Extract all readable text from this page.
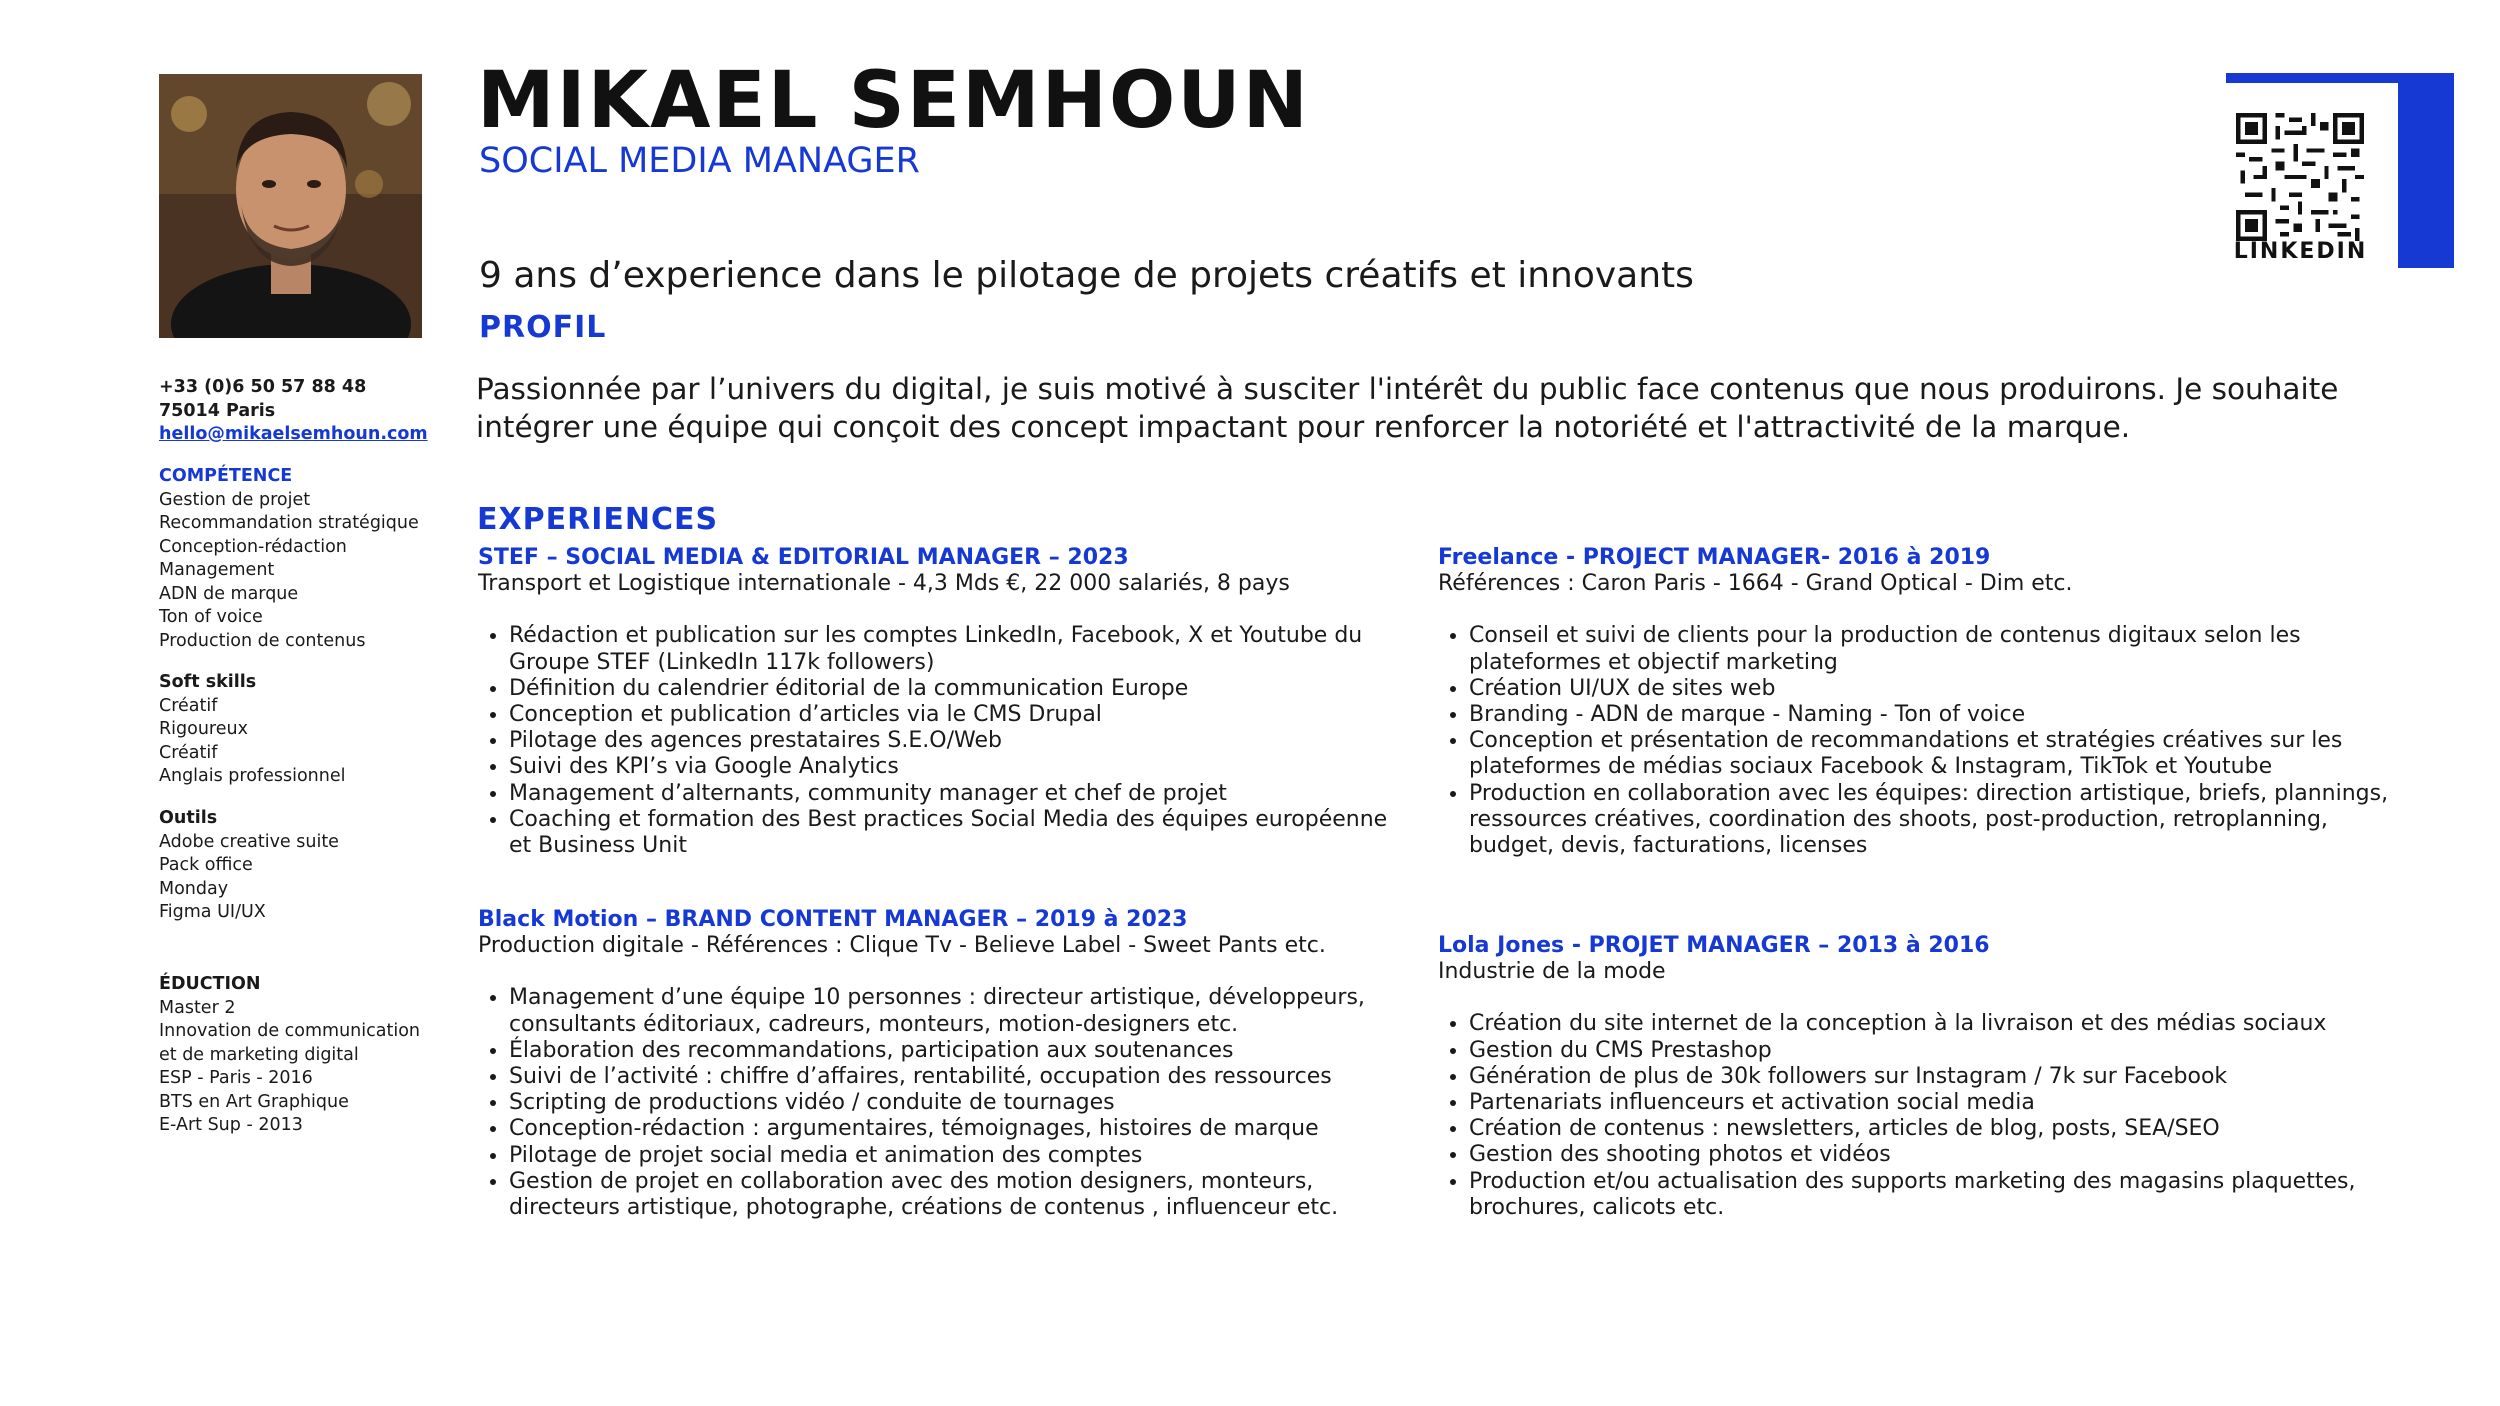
MIKAEL SEMHOUN
SOCIAL MEDIA MANAGER
9 ans d’experience dans le pilotage de projets créatifs et innovants
PROFIL
Passionnée par l’univers du digital, je suis motivé à susciter l'intérêt du public face contenus que nous produirons. Je souhaite intégrer une équipe qui conçoit des concept impactant pour renforcer la notoriété et l'attractivité de la marque.
LINKEDIN
+33 (0)6 50 57 88 48
75014 Paris
hello@mikaelsemhoun.com
COMPÉTENCE
Gestion de projet
Recommandation stratégique
Conception-rédaction
Management
ADN de marque
Ton of voice
Production de contenus
Soft skills
Créatif
Rigoureux
Créatif
Anglais professionnel
Outils
Adobe creative suite
Pack office
Monday
Figma UI/UX
ÉDUCTION
Master 2
Innovation de communication
et de marketing digital
ESP - Paris - 2016
BTS en Art Graphique
E-Art Sup - 2013
EXPERIENCES
STEF – SOCIAL MEDIA & EDITORIAL MANAGER – 2023
Transport et Logistique internationale - 4,3 Mds €, 22 000 salariés, 8 pays
• Rédaction et publication sur les comptes LinkedIn, Facebook, X et Youtube du Groupe STEF (LinkedIn 117k followers)
• Définition du calendrier éditorial de la communication Europe
• Conception et publication d’articles via le CMS Drupal
• Pilotage des agences prestataires S.E.O/Web
• Suivi des KPI’s via Google Analytics
• Management d’alternants, community manager et chef de projet
• Coaching et formation des Best practices Social Media des équipes européenne et Business Unit
Freelance - PROJECT MANAGER- 2016 à 2019
Références : Caron Paris - 1664 - Grand Optical - Dim etc.
• Conseil et suivi de clients pour la production de contenus digitaux selon les plateformes et objectif marketing
• Création UI/UX de sites web
• Branding - ADN de marque - Naming - Ton of voice
• Conception et présentation de recommandations et stratégies créatives sur les plateformes de médias sociaux Facebook & Instagram, TikTok et Youtube
• Production en collaboration avec les équipes: direction artistique, briefs, plannings, ressources créatives, coordination des shoots, post-production, retroplanning, budget, devis, facturations, licenses
Black Motion – BRAND CONTENT MANAGER – 2019 à 2023
Production digitale - Références : Clique Tv - Believe Label - Sweet Pants etc.
• Management d’une équipe 10 personnes : directeur artistique, développeurs, consultants éditoriaux, cadreurs, monteurs, motion-designers etc.
• Élaboration des recommandations, participation aux soutenances
• Suivi de l’activité : chiffre d’affaires, rentabilité, occupation des ressources
• Scripting de productions vidéo / conduite de tournages
• Conception-rédaction : argumentaires, témoignages, histoires de marque
• Pilotage de projet social media et animation des comptes
• Gestion de projet en collaboration avec des motion designers, monteurs, directeurs artistique, photographe, créations de contenus , influenceur etc.
Lola Jones - PROJET MANAGER – 2013 à 2016
Industrie de la mode
• Création du site internet de la conception à la livraison et des médias sociaux
• Gestion du CMS Prestashop
• Génération de plus de 30k followers sur Instagram / 7k sur Facebook
• Partenariats influenceurs et activation social media
• Création de contenus : newsletters, articles de blog, posts, SEA/SEO
• Gestion des shooting photos et vidéos
• Production et/ou actualisation des supports marketing des magasins plaquettes, brochures, calicots etc.
